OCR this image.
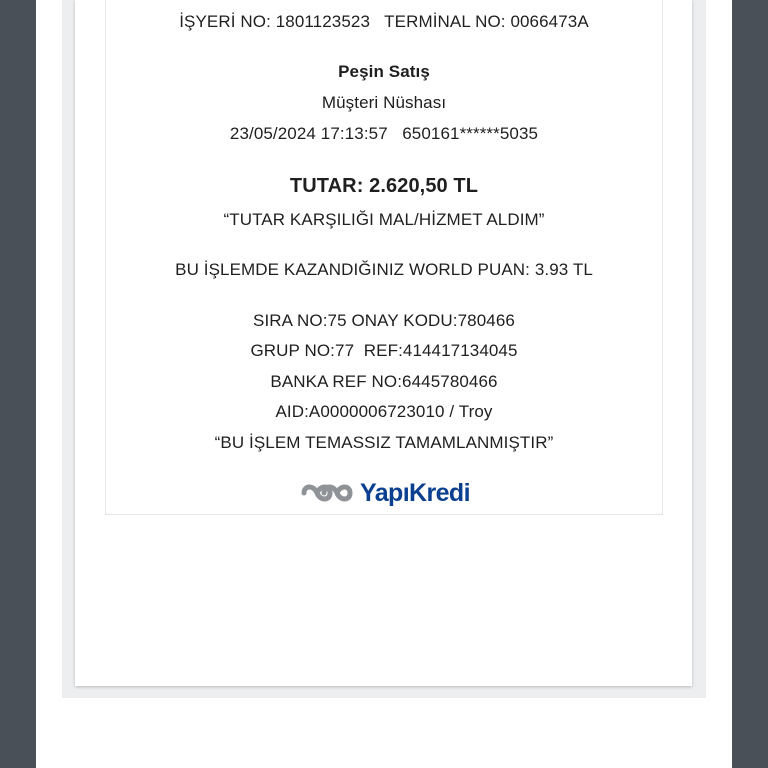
İŞYERİ NO: 1801123523   TERMİNAL NO: 0066473A
Peşin Satış
Müşteri Nüshası
23/05/2024 17:13:57   650161******5035
TUTAR: 2.620,50 TL
“TUTAR KARŞILIĞI MAL/HİZMET ALDIM”
BU İŞLEMDE KAZANDIĞINIZ WORLD PUAN: 3.93 TL
SIRA NO:75 ONAY KODU:780466
GRUP NO:77  REF:414417134045
BANKA REF NO:6445780466
AID:A0000006723010 / Troy
“BU İŞLEM TEMASSIZ TAMAMLANMIŞTIR”
YapıKredi
